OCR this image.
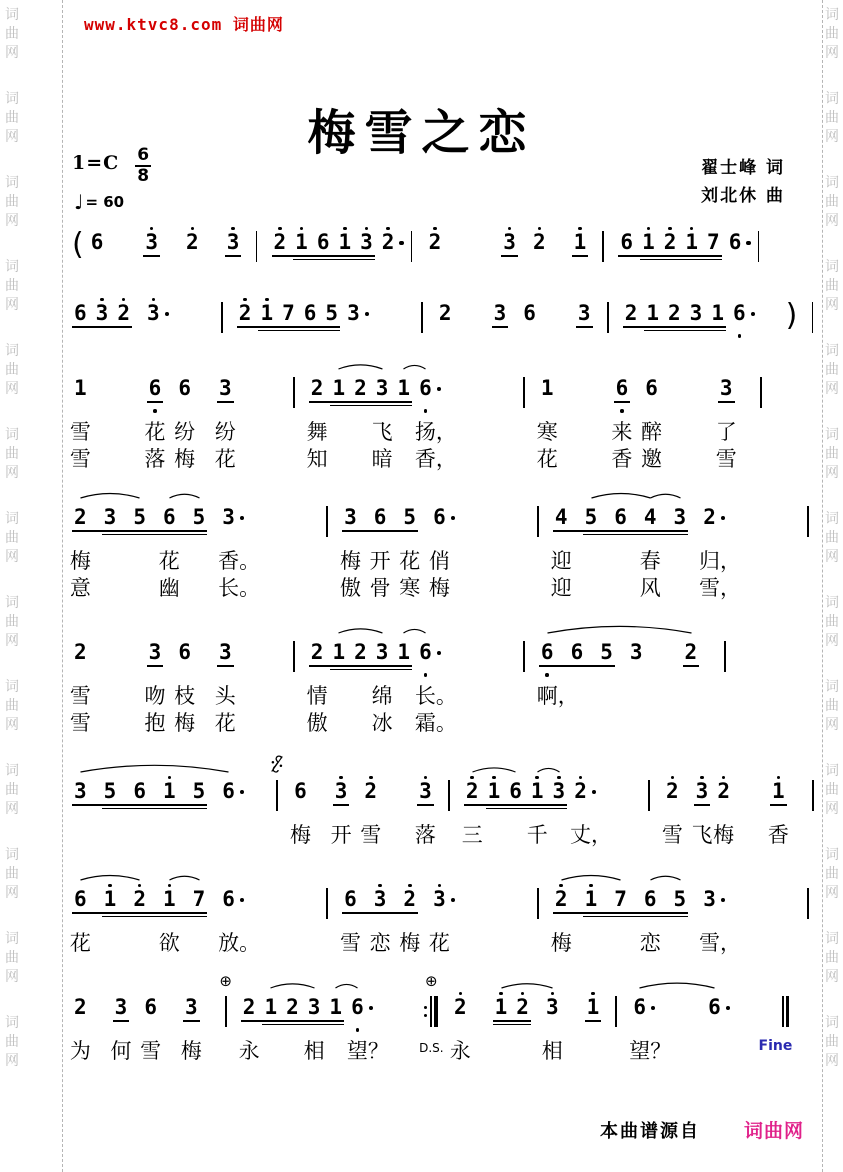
词
曲
网
词
曲
网
词
曲
网
词
曲
网
词
曲
网
词
曲
网
词
曲
网
词
曲
网
词
曲
网
词
曲
网
词
曲
网
词
曲
网
词
曲
网
词
曲
网
词
曲
网
词
曲
网
词
曲
网
词
曲
网
词
曲
网
词
曲
网
词
曲
网
词
曲
网
词
曲
网
词
曲
网
词
曲
网
词
曲
网
www.ktvc8.com 词曲网
梅雪之恋
翟士峰 词
刘北休 曲
$1=C \frac{6}{8}$
♩ = 60
( 6 3 2 3 2 1 6 1 3 2 2	3 2 1 6 1 2 1 7 6
6 3 2 3	2 1 7 6 5 3	2 3 6 3 2 1 2 3 1 6 )
1
雪
雪
6
花
落
6
纷
梅
3
纷
花
2
舞
知
1 2 3
飞
暗
1 6
扬，
香，
1
寒
花
6
来
香
6
醉
邀
3
了
雪
2
梅
意
3 5 6
花
幽
5 3
香。
长。
3
梅
傲
6
开
骨
5
花
寒
6
俏
梅
4
迎
迎
5 6 4
春
风
3 2
归，
雪，
2
雪
雪
3
吻
抱
6
枝
梅
3
头
花
2
情
傲
1 2 3
绵
冰
1 6
长。
霜。
6
啊，
6 5 3 2
3 5 6 1 5 6	6
梅
3
开
2
雪
3
落
2
三
1 6 1
千
3 2
丈，
2
雪
3
飞
2
梅
1
香
6
花
1 2 1
欲
7 6
放。
6
雪
3
恋
2
梅
3
花
2
梅
1 7 6
恋
5 3
雪，
2
为
3
何
6
雪
3
梅
⊕
2
永
1 2 3
相
1 6
望？
⊕
D.S.
2
永
1 2 3
相
1 6
望？
6
Fine
本曲谱源自 词曲网
